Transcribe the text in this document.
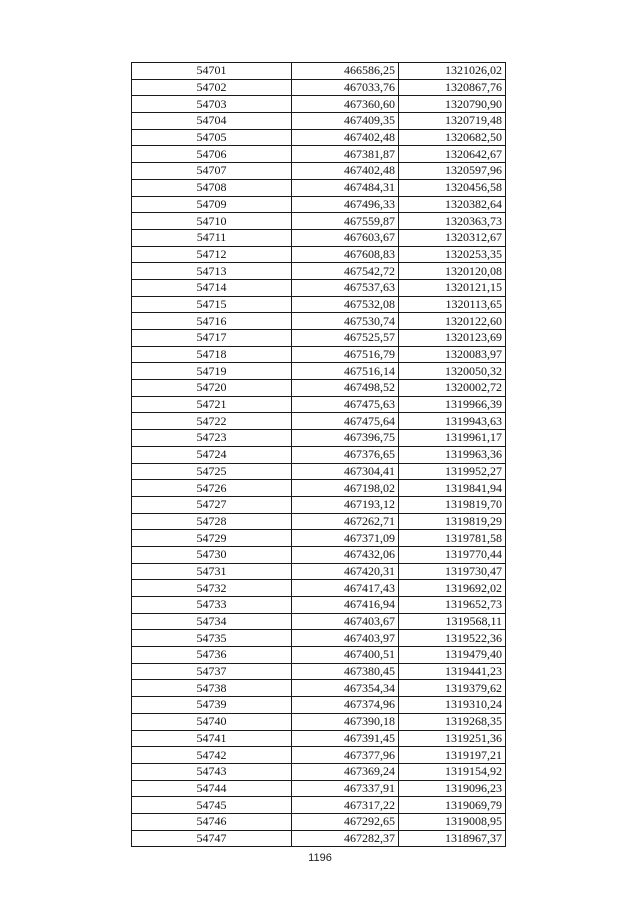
54701	466586,25	1321026,02
54702	467033,76	1320867,76
54703	467360,60	1320790,90
54704	467409,35	1320719,48
54705	467402,48	1320682,50
54706	467381,87	1320642,67
54707	467402,48	1320597,96
54708	467484,31	1320456,58
54709	467496,33	1320382,64
54710	467559,87	1320363,73
54711	467603,67	1320312,67
54712	467608,83	1320253,35
54713	467542,72	1320120,08
54714	467537,63	1320121,15
54715	467532,08	1320113,65
54716	467530,74	1320122,60
54717	467525,57	1320123,69
54718	467516,79	1320083,97
54719	467516,14	1320050,32
54720	467498,52	1320002,72
54721	467475,63	1319966,39
54722	467475,64	1319943,63
54723	467396,75	1319961,17
54724	467376,65	1319963,36
54725	467304,41	1319952,27
54726	467198,02	1319841,94
54727	467193,12	1319819,70
54728	467262,71	1319819,29
54729	467371,09	1319781,58
54730	467432,06	1319770,44
54731	467420,31	1319730,47
54732	467417,43	1319692,02
54733	467416,94	1319652,73
54734	467403,67	1319568,11
54735	467403,97	1319522,36
54736	467400,51	1319479,40
54737	467380,45	1319441,23
54738	467354,34	1319379,62
54739	467374,96	1319310,24
54740	467390,18	1319268,35
54741	467391,45	1319251,36
54742	467377,96	1319197,21
54743	467369,24	1319154,92
54744	467337,91	1319096,23
54745	467317,22	1319069,79
54746	467292,65	1319008,95
54747	467282,37	1318967,37
1196
